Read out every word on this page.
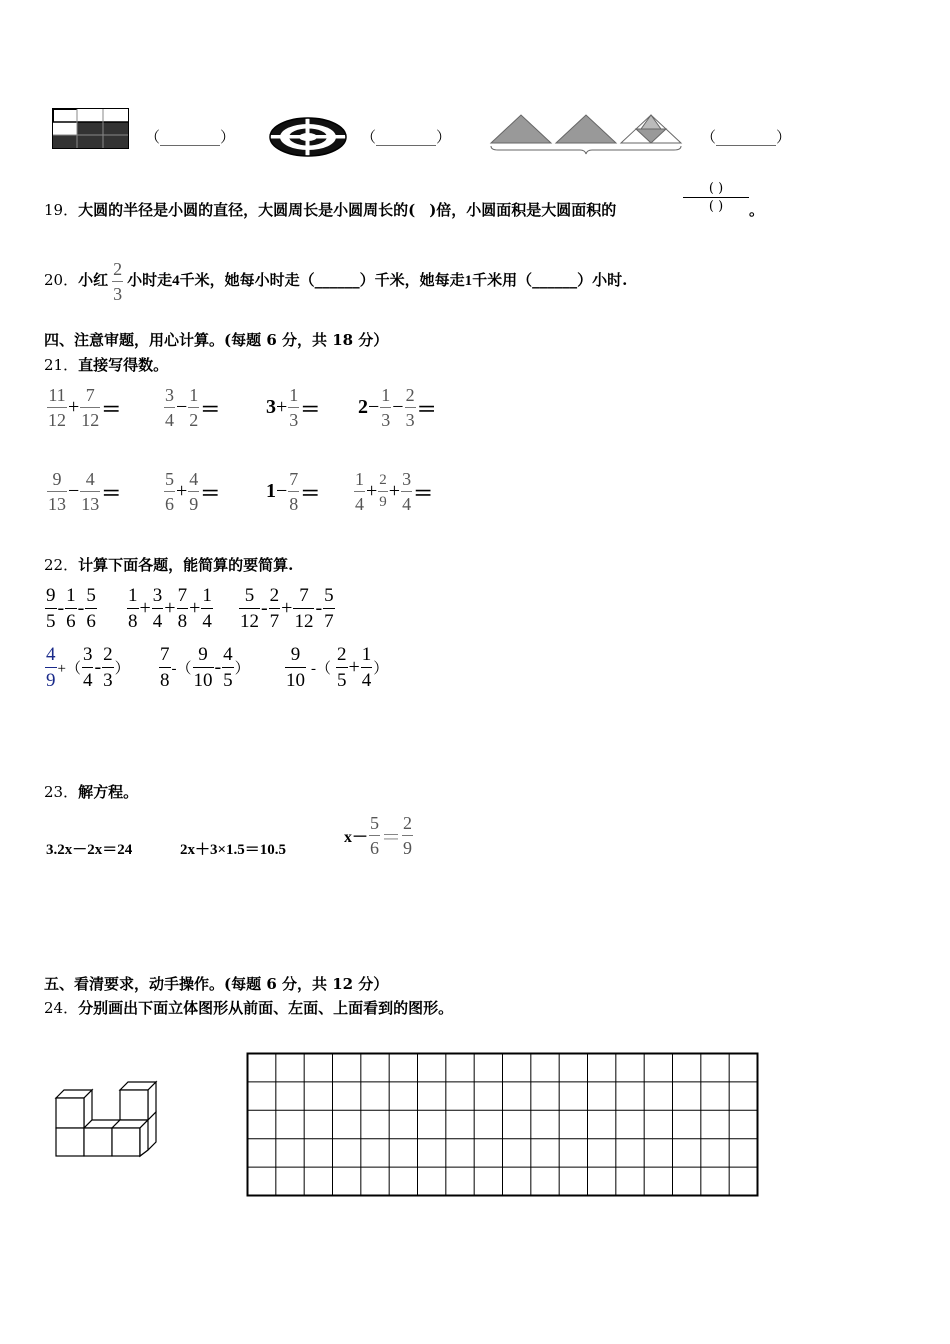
（________）	（________）	（________）
19．大圆的半径是小圆的直径，大圆周长是小圆周长的( )倍，小圆面积是大圆面积的
( )
( )	。
20．小红 $\frac{2}{3}$ 小时走4千米，她每小时走（______）千米，她每走1千米用（______）小时.
四、注意审题，用心计算。(每题 6 分，共 18 分）
21．直接写得数。
$\frac{11}{12} + \frac{7}{12} = \frac{3}{4} - \frac{1}{2} = 3+ \frac{1}{3} = 2- \frac{1}{3} - \frac{2}{3}$ ＝
$\frac{9}{13} - \frac{4}{13} = \frac{5}{6} + \frac{4}{9} = 1- \frac{7}{8} = \frac{1}{4} + \frac{2}{9} + \frac{3}{4}$ ＝
22．计算下面各题，能简算的要简算.
$\frac{9}{5} - \frac{1}{6} - \frac{5}{6} \frac{1}{8} + \frac{3}{4} + \frac{7}{8} + \frac{1}{4} \frac{5}{12} - \frac{2}{7} + \frac{7}{12} - \frac{5}{7}$
$\frac{4}{9}$ +（ $\frac{3}{4} - \frac{2}{3}$ ） $\frac{7}{8}$ -（ $\frac{9}{10} - \frac{4}{5}$ ） $\frac{9}{10}$ -（ $\frac{2}{5} + \frac{1}{4}$ ）
23．解方程。
3.2x－2x＝24	2x＋3×1.5＝10.5
$x- \frac{5}{6} = \frac{2}{9}$
五、看清要求，动手操作。(每题 6 分，共 12 分）
24．分别画出下面立体图形从前面、左面、上面看到的图形。
